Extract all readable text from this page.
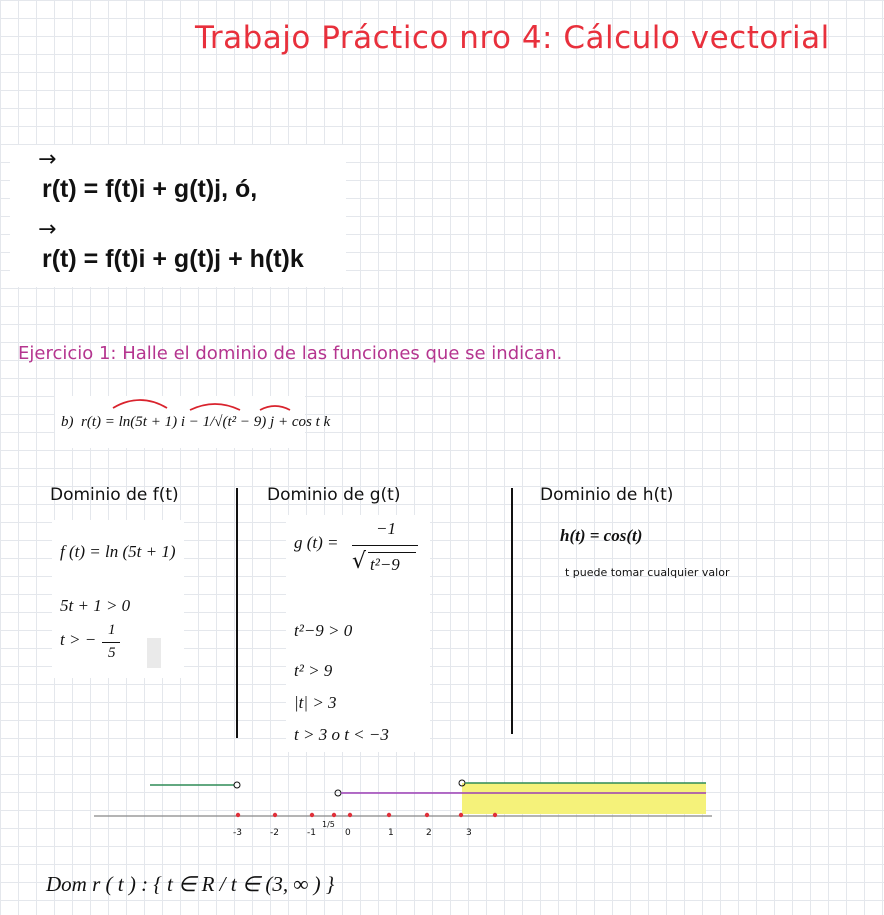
Trabajo Práctico nro 4: Cálculo vectorial
→
r(t) = f(t)i + g(t)j, ó,
→
r(t) = f(t)i + g(t)j + h(t)k
Ejercicio 1: Halle el dominio de las funciones que se indican.
b) r(t) = ln(5t + 1) i − 1/√(t² − 9) j + cos t k
Dominio de f(t)	Dominio de g(t)	Dominio de h(t)
f (t) = ln (5t + 1)
5t + 1 > 0
t > − 1
5
g (t) =
−1
√ t²−9
t²−9 > 0
t² > 9
|t| > 3
t > 3 o t < −3
h(t) = cos(t)
t puede tomar cualquier valor
-3	-2	-1
1/5
0	1	2	3
Dom r ( t ) : { t ∈ R / t ∈ (3, ∞ ) }
